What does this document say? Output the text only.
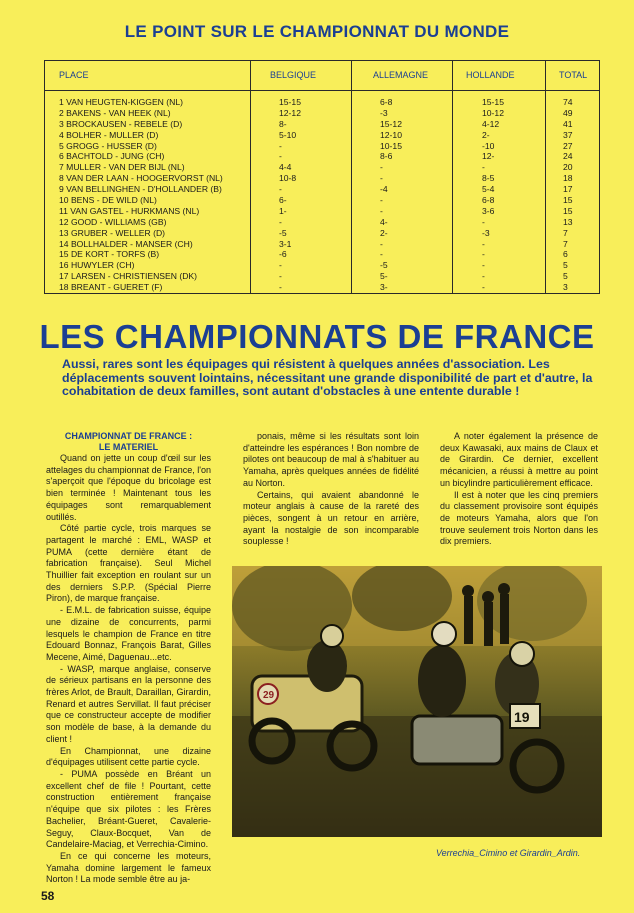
LE POINT SUR LE CHAMPIONNAT DU MONDE
PLACE	BELGIQUE	ALLEMAGNE	HOLLANDE	TOTAL
1 VAN HEUGTEN-KIGGEN (NL)	15-15	6-8	15-15	74
2 BAKENS - VAN HEEK (NL)	12-12	-3	10-12	49
3 BROCKAUSEN - REBELE (D)	8-	15-12	4-12	41
4 BOLHER - MULLER (D)	5-10	12-10	2-	37
5 GROGG - HUSSER (D)	-	10-15	-10	27
6 BACHTOLD - JUNG (CH)	-	8-6	12-	24
7 MULLER - VAN DER BIJL (NL)	4-4	-	-	20
8 VAN DER LAAN - HOOGERVORST (NL)	10-8	-	8-5	18
9 VAN BELLINGHEN - D'HOLLANDER (B)	-	-4	5-4	17
10 BENS - DE WILD (NL)	6-	-	6-8	15
11 VAN GASTEL - HURKMANS (NL)	1-	-	3-6	15
12 GOOD - WILLIAMS (GB)	-	4-	-	13
13 GRUBER - WELLER (D)	-5	2-	-3	7
14 BOLLHALDER - MANSER (CH)	3-1	-	-	7
15 DE KORT - TORFS (B)	-6	-	-	6
16 HUWYLER (CH)	-	-5	-	5
17 LARSEN - CHRISTIENSEN (DK)	-	5-	-	5
18 BREANT - GUERET (F)	-	3-	-	3
LES CHAMPIONNATS DE FRANCE
Aussi, rares sont les équipages qui résistent à quelques années d'association. Les déplacements souvent lointains, nécessitant une grande disponibilité de part et d'autre, la cohabitation de deux familles, sont autant d'obstacles à une entente durable !

CHAMPIONNAT DE FRANCE :
LE MATERIEL

Quand on jette un coup d'œil sur les attelages du championnat de France, l'on s'aperçoit que l'époque du bricolage est bien terminée ! Maintenant tous les équipages sont remarquablement outillés.

Côté partie cycle, trois marques se partagent le marché : EML, WASP et PUMA (cette dernière étant de fabrication française). Seul Michel Thuillier fait exception en roulant sur un des derniers S.P.P. (Spécial Pierre Piron), de marque française.

- E.M.L. de fabrication suisse, équipe une dizaine de concurrents, parmi lesquels le champion de France en titre Edouard Bonnaz, François Barat, Gilles Mecene, Aimé, Daguenau...etc.

- WASP, marque anglaise, conserve de sérieux partisans en la personne des frères Arlot, de Brault, Daraillan, Girardin, Renard et autres Servillat. Il faut préciser que ce constructeur accepte de modifier son modèle de base, à la demande du client !

En Championnat, une dizaine d'équipages utilisent cette partie cycle.

- PUMA possède en Bréant un excellent chef de file ! Pourtant, cette construction entièrement française n'équipe que six pilotes : les Frères Bachelier, Bréant-Gueret, Cavalerie-Seguy, Claux-Bocquet, Van de Candelaire-Maciag, et Verrechia-Cimino.

En ce qui concerne les moteurs, Yamaha domine largement le fameux Norton ! La mode semble être au ja-

ponais, même si les résultats sont loin d'atteindre les espérances ! Bon nombre de pilotes ont beaucoup de mal à s'habituer au Yamaha, après quelques années de fidélité au Norton.

Certains, qui avaient abandonné le moteur anglais à cause de la rareté des pièces, songent à un retour en arrière, ayant la nostalgie de son incomparable souplesse !

A noter également la présence de deux Kawasaki, aux mains de Claux et de Girardin. Ce dernier, excellent mécanicien, a réussi à mettre au point un bicylindre particulièrement efficace.

Il est à noter que les cinq premiers du classement provisoire sont équipés de moteurs Yamaha, alors que l'on trouve seulement trois Norton dans les dix premiers.

29
19
Verrechia_Cimino et Girardin_Ardin.
58
